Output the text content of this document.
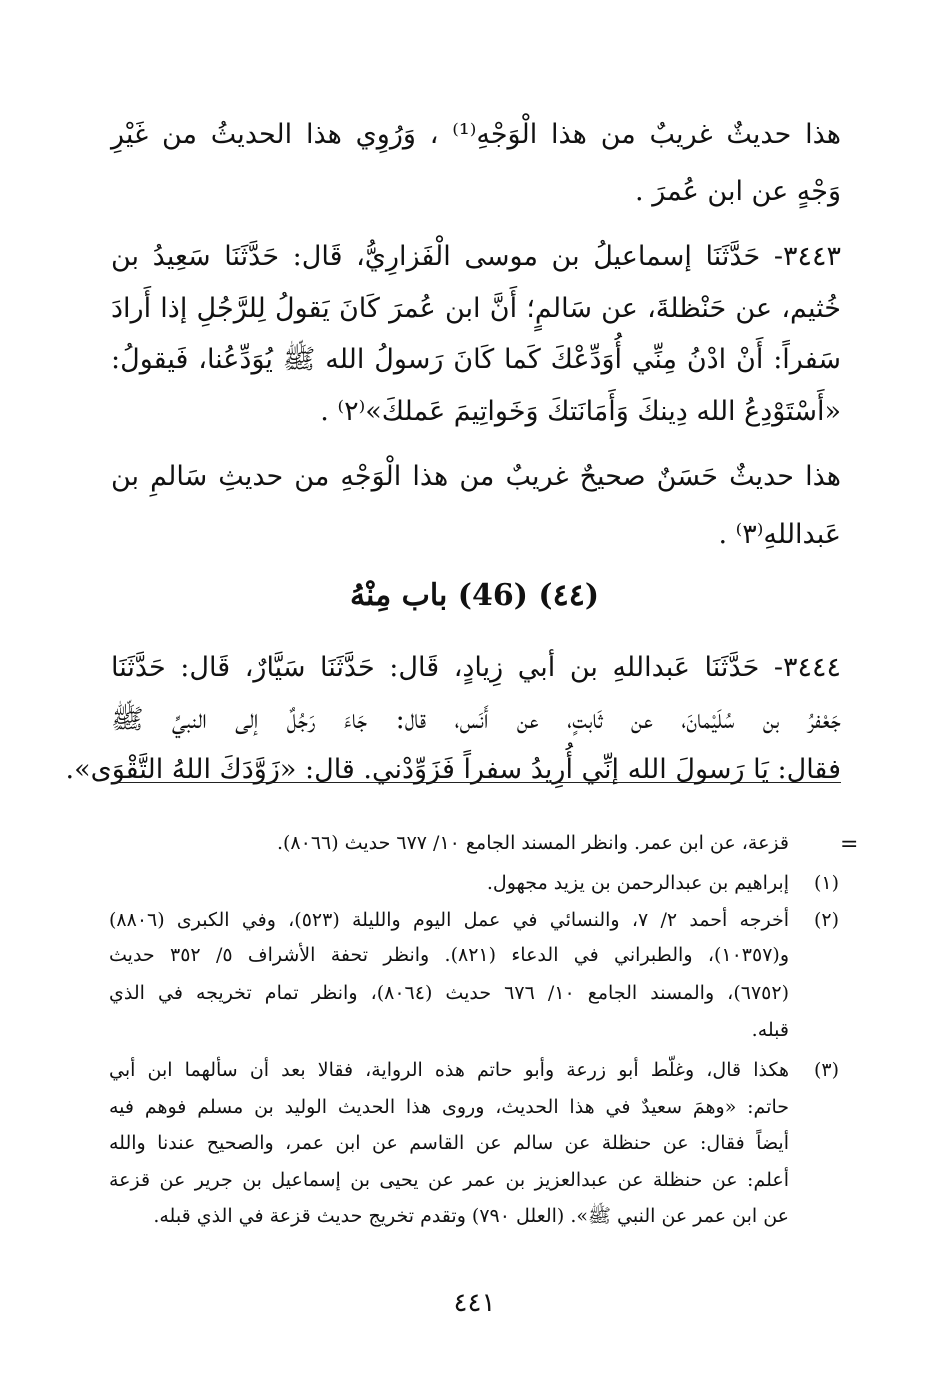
هذا حديثٌ غريبٌ من هذا الْوَجْهِ⁽¹⁾ ، وَرُوِي هذا الحديثُ من غَيْرِ
وَجْهٍ عن ابن عُمرَ .
٣٤٤٣- حَدَّثَنَا إسماعيلُ بن موسى الْفَزارِيُّ، قَال: حَدَّثَنَا سَعِيدُ بن
خُثيم، عن حَنْظلةَ، عن سَالمٍ؛ أَنَّ ابن عُمرَ كَانَ يَقولُ لِلرَّجُلِ إذا أَرادَ
سَفراً: أَنْ ادْنُ مِنِّي أُوَدِّعْكَ كَما كَانَ رَسولُ الله ﷺ يُوَدِّعُنا، فَيقولُ:
«أَسْتَوْدِعُ الله دِينكَ وَأَمَانَتكَ وَخَواتِيمَ عَملكَ»⁽٢⁾ .
هذا حديثٌ حَسَنٌ صحيحٌ غريبٌ من هذا الْوَجْهِ من حديثِ سَالمِ بن
عَبداللهِ⁽٣⁾ .
(٤٤) (46) باب مِنْهُ
٣٤٤٤- حَدَّثَنَا عَبداللهِ بن أبي زِيادٍ، قَال: حَدَّثَنَا سَيَّارٌ، قَال: حَدَّثَنَا
جَعْفرُ بن سُلَيْمانَ، عن ثَابتٍ، عن أَنَس، قال: جَاءَ رَجُلٌ إلى النبيِّ ﷺ
فقال: يَا رَسولَ الله إنِّي أُرِيدُ سفراً فَزَوِّدْني. قال: «زَوَّدَكَ اللهُ التَّقْوَى».
=
قزعة، عن ابن عمر. وانظر المسند الجامع ١٠/ ٦٧٧ حديث (٨٠٦٦).
(١)
إبراهيم بن عبدالرحمن بن يزيد مجهول.
(٢)
أخرجه أحمد ٢/ ٧، والنسائي في عمل اليوم والليلة (٥٢٣)، وفي الكبرى (٨٨٠٦)
و(١٠٣٥٧)، والطبراني في الدعاء (٨٢١). وانظر تحفة الأشراف ٥/ ٣٥٢ حديث
(٦٧٥٢)، والمسند الجامع ١٠/ ٦٧٦ حديث (٨٠٦٤)، وانظر تمام تخريجه في الذي
قبله.
(٣)
هكذا قال، وغلّط أبو زرعة وأبو حاتم هذه الرواية، فقالا بعد أن سألهما ابن أبي
حاتم: «وهمَ سعيدٌ في هذا الحديث، وروى هذا الحديث الوليد بن مسلم فوهم فيه
أيضاً فقال: عن حنظلة عن سالم عن القاسم عن ابن عمر، والصحيح عندنا والله
أعلم: عن حنظلة عن عبدالعزيز بن عمر عن يحيى بن إسماعيل بن جرير عن قزعة
عن ابن عمر عن النبي ﷺ». (العلل ٧٩٠) وتقدم تخريج حديث قزعة في الذي قبله.
٤٤١
